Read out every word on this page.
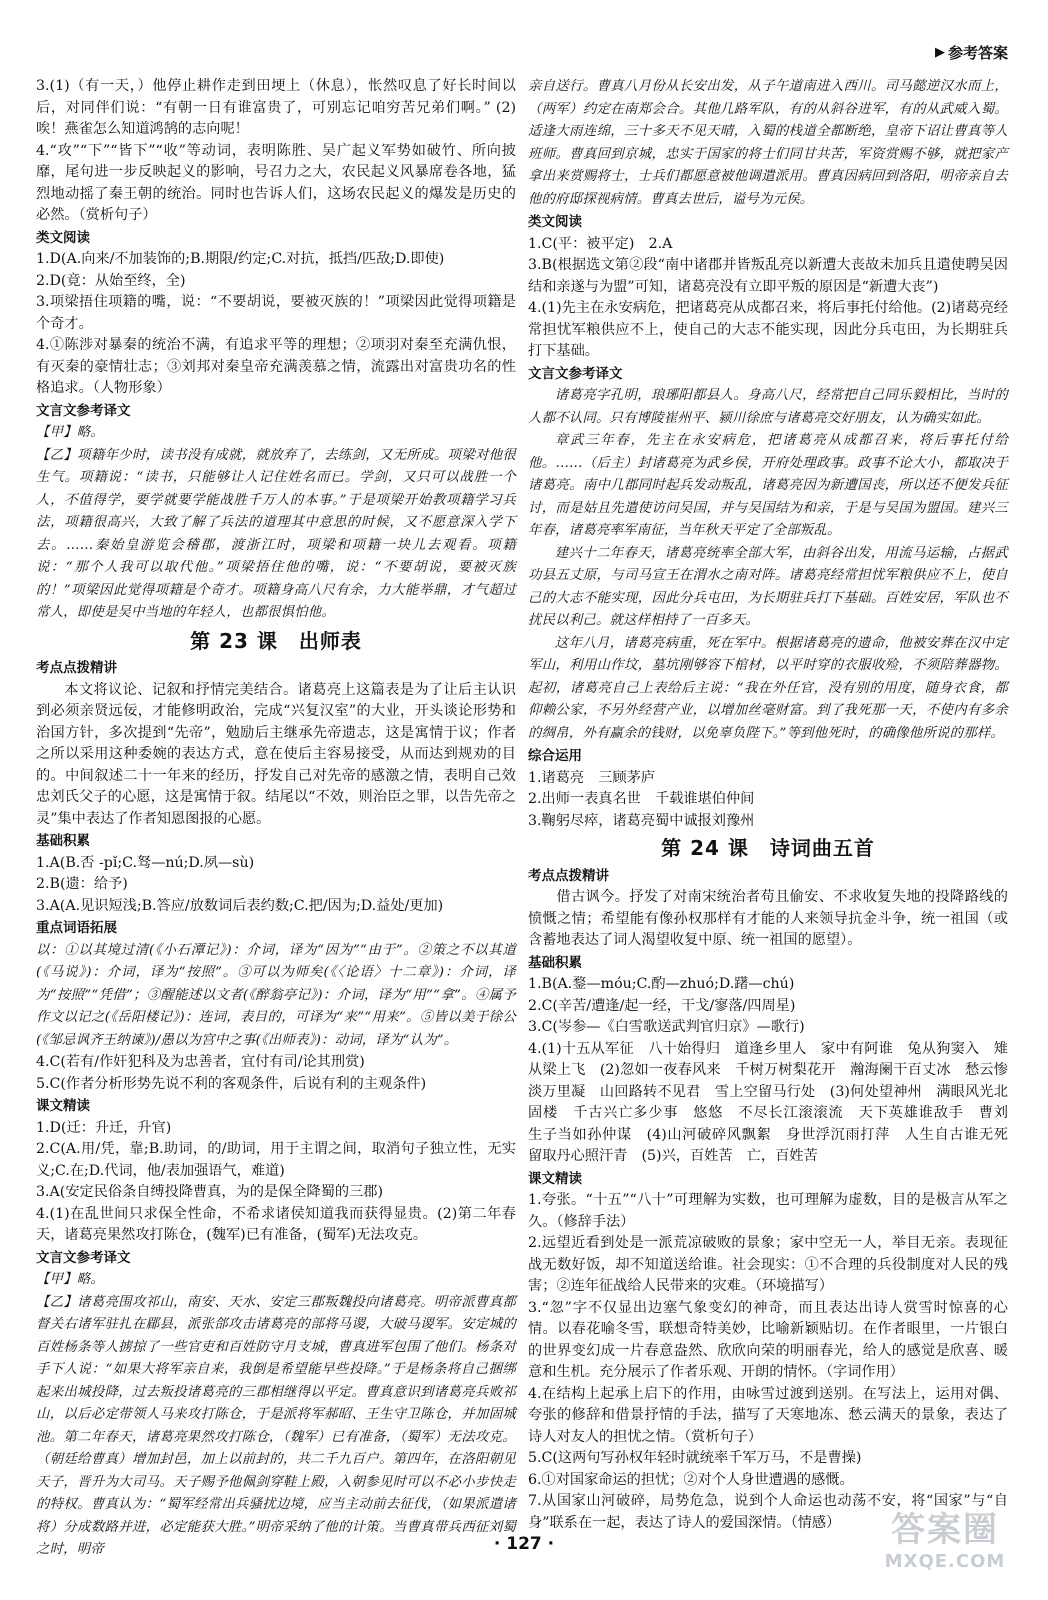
▶ 参考答案

3.(1)（有一天，）他停止耕作走到田埂上（休息），怅然叹息了好长时间以后，对同伴们说：“有朝一日有谁富贵了，可别忘记咱穷苦兄弟们啊。” (2)唉！燕雀怎么知道鸿鹄的志向呢！

4.“攻”“下”“皆下”“收”等动词，表明陈胜、吴广起义军势如破竹、所向披靡，尾句进一步反映起义的影响，号召力之大，农民起义风暴席卷各地，猛烈地动摇了秦王朝的统治。同时也告诉人们，这场农民起义的爆发是历史的必然。（赏析句子）

类文阅读

1.D(A.向来/不加装饰的;B.期限/约定;C.对抗，抵挡/匹敌;D.即使)

2.D(竟：从始至终，全)

3.项梁捂住项籍的嘴，说：“不要胡说，要被灭族的！”项梁因此觉得项籍是个奇才。

4.①陈涉对暴秦的统治不满，有追求平等的理想；②项羽对秦至充满仇恨，有灭秦的豪情壮志；③刘邦对秦皇帝充满羡慕之情，流露出对富贵功名的性格追求。（人物形象）

文言文参考译文

【甲】略。

【乙】项籍年少时，读书没有成就，就放弃了，去练剑，又无所成。项梁对他很生气。项籍说：“读书，只能够让人记住姓名而已。学剑，又只可以战胜一个人，不值得学，要学就要学能战胜千万人的本事。”于是项梁开始教项籍学习兵法，项籍很高兴，大致了解了兵法的道理其中意思的时候，又不愿意深入学下去。……秦始皇游览会稽郡，渡浙江时，项梁和项籍一块儿去观看。项籍说：“那个人我可以取代他。”项梁捂住他的嘴，说：“不要胡说，要被灭族的！”项梁因此觉得项籍是个奇才。项籍身高八尺有余，力大能举鼎，才气超过常人，即使是吴中当地的年轻人，也都很惧怕他。

第 23 课　出师表

考点点拨精讲

本文将议论、记叙和抒情完美结合。诸葛亮上这篇表是为了让后主认识到必须亲贤远佞，才能修明政治，完成“兴复汉室”的大业，开头谈论形势和治国方针，多次提到“先帝”，勉励后主继承先帝遗志，这是寓情于议；作者之所以采用这种委婉的表达方式，意在使后主容易接受，从而达到规劝的目的。中间叙述二十一年来的经历，抒发自己对先帝的感激之情，表明自己效忠刘氏父子的心愿，这是寓情于叙。结尾以“不效，则治臣之罪，以告先帝之灵”集中表达了作者知恩图报的心愿。

基础积累

1.A(B.否 -pǐ;C.驽—nú;D.夙—sù)

2.B(遗：给予)

3.A(A.见识短浅;B.答应/放数词后表约数;C.把/因为;D.益处/更加)

重点词语拓展

以：①以其境过清(《小石潭记》)：介词，译为“因为”“由于”。②策之不以其道(《马说》)：介词，译为“按照”。③可以为师矣(《〈论语〉十二章》)：介词，译为“按照”“凭借”；③醒能述以文者(《醉翁亭记》)：介词，译为“用”“拿”。④属予作文以记之(《岳阳楼记》)：连词，表目的，可译为“来”“用来”。⑤皆以美于徐公(《邹忌讽齐王纳谏》)/愚以为宫中之事(《出师表》)：动词，译为“认为”。

4.C(若有/作奸犯科及为忠善者，宜付有司/论其刑赏)

5.C(作者分析形势先说不利的客观条件，后说有利的主观条件)

课文精读

1.D(迁：升迁，升官)

2.C(A.用/凭，靠;B.助词，的/助词，用于主谓之间，取消句子独立性，无实义;C.在;D.代词，他/表加强语气，难道)

3.A(安定民俗条自缚投降曹真，为的是保全降蜀的三郡)

4.(1)在乱世间只求保全性命，不希求诸侯知道我而获得显贵。(2)第二年春天，诸葛亮果然攻打陈仓，(魏军)已有准备，(蜀军)无法攻克。

文言文参考译文

【甲】略。

【乙】诸葛亮围攻祁山，南安、天水、安定三郡叛魏投向诸葛亮。明帝派曹真都督关右诸军驻扎在郿县，派张郃攻击诸葛亮的部将马谡，大破马谡军。安定城的百姓杨条等人掳掠了一些官吏和百姓防守月支城，曹真进军包围了他们。杨条对手下人说：“如果大将军亲自来，我倒是希望能早些投降。”于是杨条将自己捆绑起来出城投降，过去叛投诸葛亮的三郡相继得以平定。曹真意识到诸葛亮兵败祁山，以后必定带领人马来攻打陈仓，于是派将军郝昭、王生守卫陈仓，并加固城池。第二年春天，诸葛亮果然攻打陈仓，（魏军）已有准备，（蜀军）无法攻克。（朝廷给曹真）增加封邑，加上以前封的，共二千九百户。第四年，在洛阳朝见天子，晋升为大司马。天子赐予他佩剑穿鞋上殿，入朝参见时可以不必小步快走的特权。曹真认为：“蜀军经常出兵骚扰边境，应当主动前去征伐，（如果派遣诸将）分成数路并进，必定能获大胜。”明帝采纳了他的计策。当曹真带兵西征刘蜀之时，明帝

亲自送行。曹真八月份从长安出发，从子午道南进入西川。司马懿逆汉水而上，（两军）约定在南郑会合。其他几路军队，有的从斜谷进军，有的从武威入蜀。适逢大雨连绵，三十多天不见天晴，入蜀的栈道全都断绝，皇帝下诏让曹真等人班师。曹真回到京城，忠实于国家的将士们同甘共苦，军资赏赐不够，就把家产拿出来赏赐将士，士兵们都愿意被他调遣派用。曹真因病回到洛阳，明帝亲自去他的府邸探视病情。曹真去世后，谥号为元侯。

类文阅读

1.C(平：被平定)　2.A

3.B(根据选文第②段“南中诸郡并皆叛乱亮以新遭大丧故未加兵且遣使聘吴因结和亲遂与为盟”可知，诸葛亮没有立即平叛的原因是“新遭大丧”)

4.(1)先主在永安病危，把诸葛亮从成都召来，将后事托付给他。(2)诸葛亮经常担忧军粮供应不上，使自己的大志不能实现，因此分兵屯田，为长期驻兵打下基础。

文言文参考译文

诸葛亮字孔明，琅琊阳都县人。身高八尺，经常把自己同乐毅相比，当时的人都不认同。只有博陵崔州平、颍川徐庶与诸葛亮交好朋友，认为确实如此。

章武三年春，先主在永安病危，把诸葛亮从成都召来，将后事托付给他。……（后主）封诸葛亮为武乡侯，开府处理政事。政事不论大小，都取决于诸葛亮。南中几郡同时起兵发动叛乱，诸葛亮因为新遭国丧，所以还不便发兵征讨，而是姑且先遣使访问吴国，并与吴国结为和亲，于是与吴国为盟国。建兴三年春，诸葛亮率军南征，当年秋天平定了全部叛乱。

建兴十二年春天，诸葛亮统率全部大军，由斜谷出发，用流马运输，占据武功县五丈原，与司马宣王在渭水之南对阵。诸葛亮经常担忧军粮供应不上，使自己的大志不能实现，因此分兵屯田，为长期驻兵打下基础。百姓安居，军队也不扰民以利己。就这样相持了一百多天。

这年八月，诸葛亮病重，死在军中。根据诸葛亮的遗命，他被安葬在汉中定军山，利用山作坟，墓坑刚够容下棺材，以平时穿的衣服收殓，不须陪葬器物。起初，诸葛亮自己上表给后主说：“我在外任官，没有别的用度，随身衣食，都仰赖公家，不另外经营产业，以增加丝毫财富。到了我死那一天，不使内有多余的绸帛，外有赢余的钱财，以免辜负陛下。”等到他死时，的确像他所说的那样。

综合运用

1.诸葛亮　三顾茅庐

2.出师一表真名世　千载谁堪伯仲间

3.鞠躬尽瘁，诸葛亮蜀中诚报刘豫州

第 24 课　诗词曲五首

考点点拨精讲

借古讽今。抒发了对南宋统治者苟且偷安、不求收复失地的投降路线的愤慨之情；希望能有像孙权那样有才能的人来领导抗金斗争，统一祖国（或含蓄地表达了词人渴望收复中原、统一祖国的愿望）。

基础积累

1.B(A.鍪—móu;C.酌—zhuó;D.躇—chú)

2.C(辛苦/遭逢/起一经，干戈/寥落/四周星)

3.C(岑参—《白雪歌送武判官归京》—歌行)

4.(1)十五从军征　八十始得归　道逢乡里人　家中有阿谁　兔从狗窦入　雉从梁上飞　(2)忽如一夜春风来　千树万树梨花开　瀚海阑干百丈冰　愁云惨淡万里凝　山回路转不见君　雪上空留马行处　(3)何处望神州　满眼风光北固楼　千古兴亡多少事　悠悠　不尽长江滚滚流　天下英雄谁敌手　曹刘　生子当如孙仲谋　(4)山河破碎风飘絮　身世浮沉雨打萍　人生自古谁无死　留取丹心照汗青　(5)兴，百姓苦　亡，百姓苦

课文精读

1.夸张。“十五”“八十”可理解为实数，也可理解为虚数，目的是极言从军之久。（修辞手法）

2.远望近看到处是一派荒凉破败的景象；家中空无一人，举目无亲。表现征战无数好饭，却不知道送给谁。社会现实：①不合理的兵役制度对人民的残害；②连年征战给人民带来的灾难。（环境描写）

3.“忽”字不仅显出边塞气象变幻的神奇，而且表达出诗人赏雪时惊喜的心情。以春花喻冬雪，联想奇特美妙，比喻新颖贴切。在作者眼里，一片银白的世界变幻成一片春意盎然、欣欣向荣的明丽春光，给人的感觉是欣喜、暖意和生机。充分展示了作者乐观、开朗的情怀。（字词作用）

4.在结构上起承上启下的作用，由咏雪过渡到送别。在写法上，运用对偶、夸张的修辞和借景抒情的手法，描写了天寒地冻、愁云满天的景象，表达了诗人对友人的担忧之情。（赏析句子）

5.C(这两句写孙权年轻时就统率千军万马，不是曹操)

6.①对国家命运的担忧；②对个人身世遭遇的感慨。

7.从国家山河破碎，局势危急，说到个人命运也动荡不安，将“国家”与“自身”联系在一起，表达了诗人的爱国深情。（情感）

· 127 ·	答案圈
MXQE.COM
